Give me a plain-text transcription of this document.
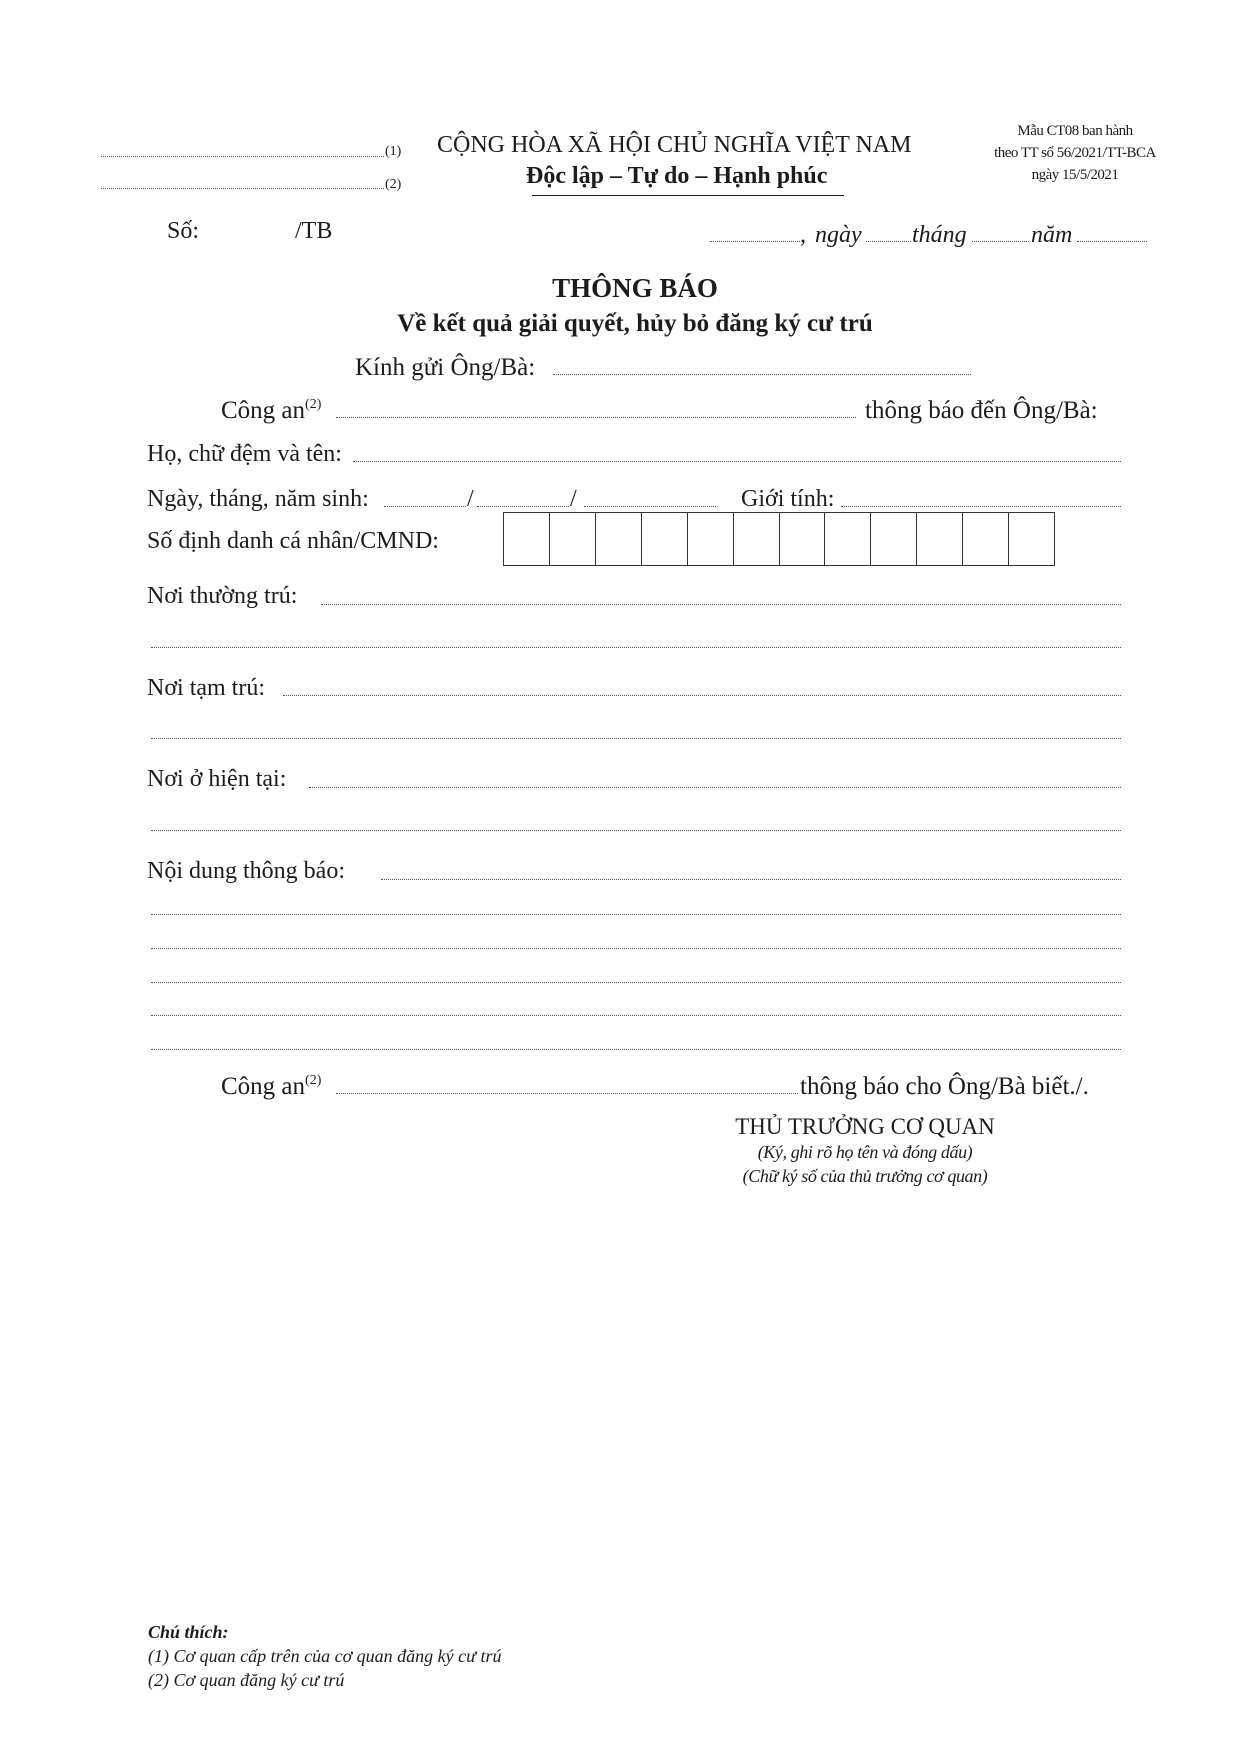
(1)
(2)
CỘNG HÒA XÃ HỘI CHỦ NGHĨA VIỆT NAM
Độc lập – Tự do – Hạnh phúc
Mẫu CT08 ban hành
theo TT số 56/2021/TT-BCA
ngày 15/5/2021
Số:	/TB	, ngày tháng	năm
THÔNG BÁO
Về kết quả giải quyết, hủy bỏ đăng ký cư trú
Kính gửi Ông/Bà:
Công $an^{(2)}$	thông báo đến Ông/Bà:
Họ, chữ đệm và tên:
Ngày, tháng, năm sinh:	/	/	Giới tính:
Số định danh cá nhân/CMND:
Nơi thường trú:
Nơi tạm trú:
Nơi ở hiện tại:
Nội dung thông báo:
Công $an^{(2)}$	thông báo cho Ông/Bà biết./.
THỦ TRƯỞNG CƠ QUAN
(Ký, ghi rõ họ tên và đóng dấu)
(Chữ ký số của thủ trưởng cơ quan)
Chú thích:
(1) Cơ quan cấp trên của cơ quan đăng ký cư trú
(2) Cơ quan đăng ký cư trú
